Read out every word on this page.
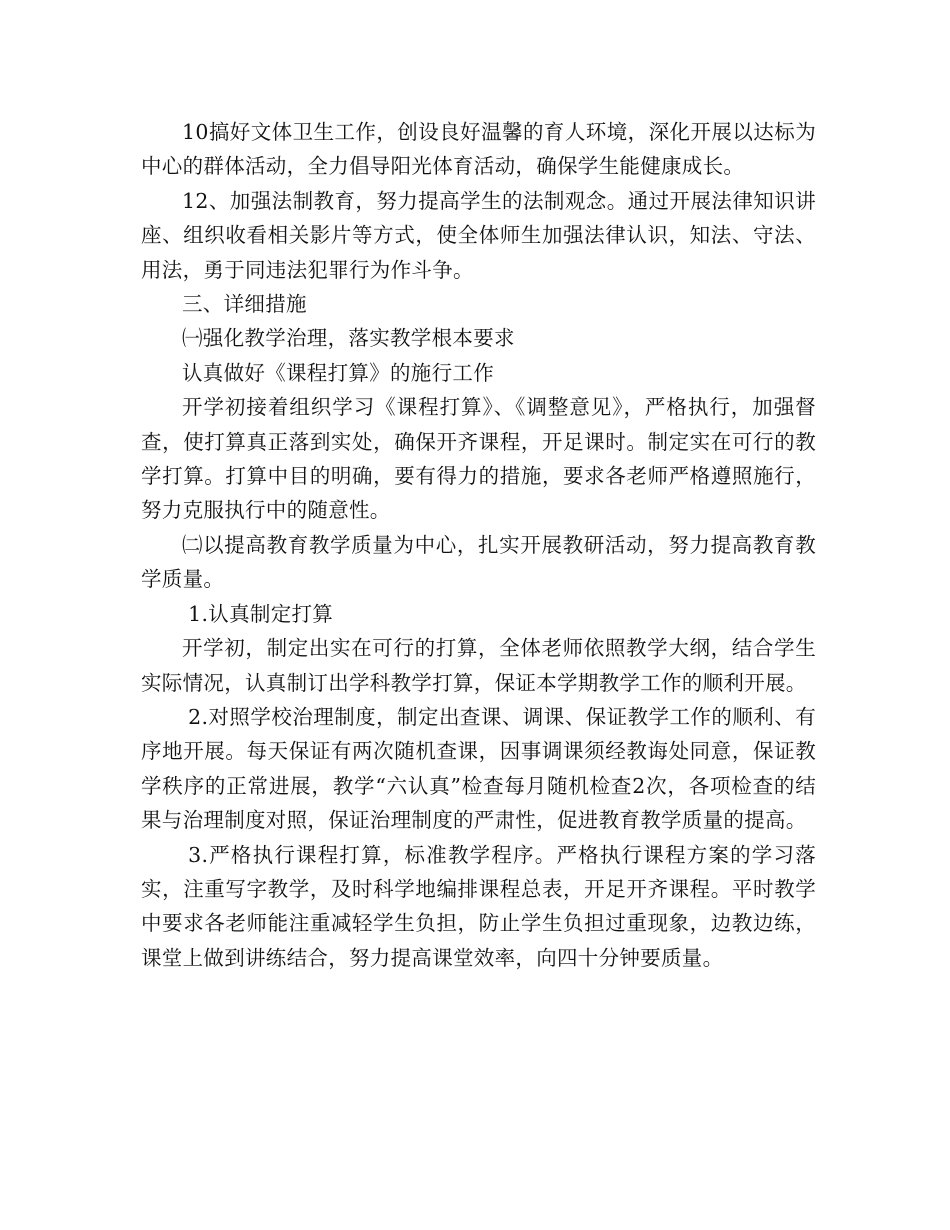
10搞好文体卫生工作，创设良好温馨的育人环境，深化开展以达标为中心的群体活动，全力倡导阳光体育活动，确保学生能健康成长。

12、加强法制教育，努力提高学生的法制观念。通过开展法律知识讲座、组织收看相关影片等方式，使全体师生加强法律认识，知法、守法、用法，勇于同违法犯罪行为作斗争。

三、详细措施

㈠强化教学治理，落实教学根本要求

认真做好《课程打算》的施行工作

开学初接着组织学习《课程打算》、《调整意见》，严格执行，加强督查，使打算真正落到实处，确保开齐课程，开足课时。制定实在可行的教学打算。打算中目的明确，要有得力的措施，要求各老师严格遵照施行，努力克服执行中的随意性。

㈡以提高教育教学质量为中心，扎实开展教研活动，努力提高教育教学质量。

1.认真制定打算

开学初，制定出实在可行的打算，全体老师依照教学大纲，结合学生实际情况，认真制订出学科教学打算，保证本学期教学工作的顺利开展。

2.对照学校治理制度，制定出查课、调课、保证教学工作的顺利、有序地开展。每天保证有两次随机查课，因事调课须经教诲处同意，保证教学秩序的正常进展，教学“六认真”检查每月随机检查2次，各项检查的结果与治理制度对照，保证治理制度的严肃性，促进教育教学质量的提高。

3.严格执行课程打算，标准教学程序。严格执行课程方案的学习落实，注重写字教学，及时科学地编排课程总表，开足开齐课程。平时教学中要求各老师能注重减轻学生负担，防止学生负担过重现象，边教边练，课堂上做到讲练结合，努力提高课堂效率，向四十分钟要质量。
